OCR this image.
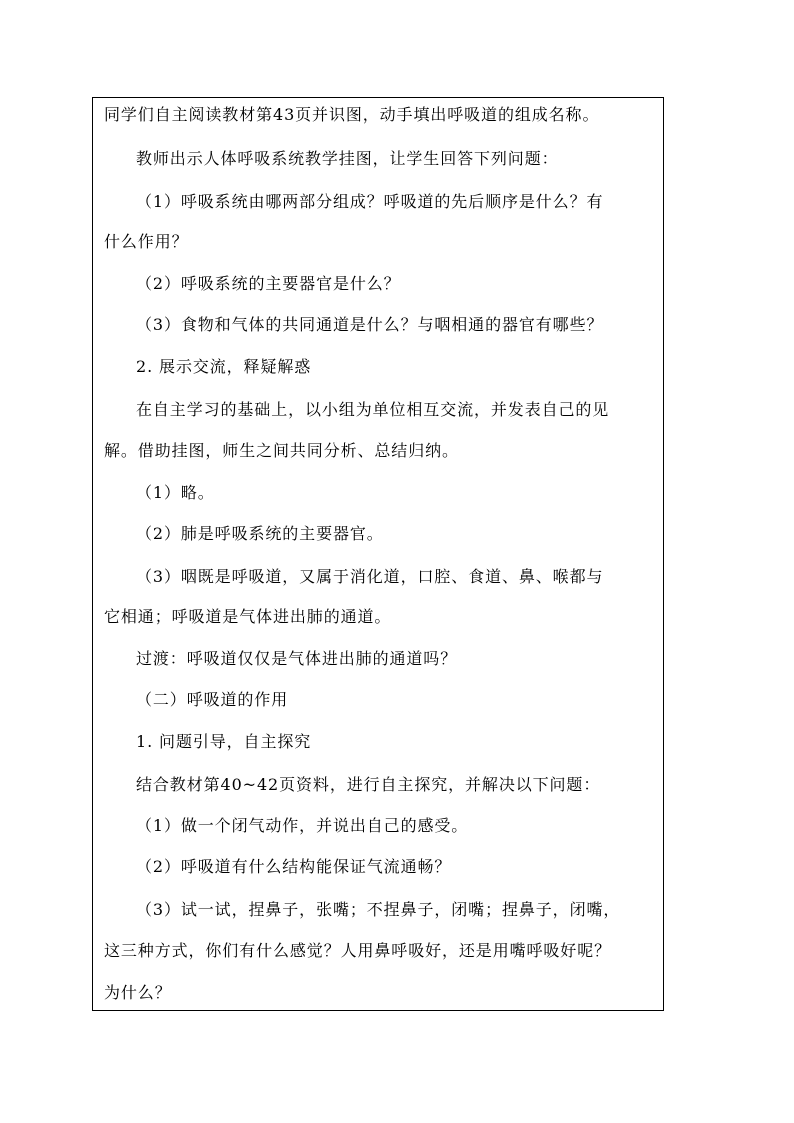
同学们自主阅读教材第43页并识图，动手填出呼吸道的组成名称。
教师出示人体呼吸系统教学挂图，让学生回答下列问题：
（1）呼吸系统由哪两部分组成？呼吸道的先后顺序是什么？有
什么作用？
（2）呼吸系统的主要器官是什么？
（3）食物和气体的共同通道是什么？与咽相通的器官有哪些？
2. 展示交流，释疑解惑
在自主学习的基础上，以小组为单位相互交流，并发表自己的见
解。借助挂图，师生之间共同分析、总结归纳。
（1）略。
（2）肺是呼吸系统的主要器官。
（3）咽既是呼吸道，又属于消化道，口腔、食道、鼻、喉都与
它相通；呼吸道是气体进出肺的通道。
过渡：呼吸道仅仅是气体进出肺的通道吗？
（二）呼吸道的作用
1. 问题引导，自主探究
结合教材第40~42页资料，进行自主探究，并解决以下问题：
（1）做一个闭气动作，并说出自己的感受。
（2）呼吸道有什么结构能保证气流通畅？
（3）试一试，捏鼻子，张嘴；不捏鼻子，闭嘴；捏鼻子，闭嘴，
这三种方式，你们有什么感觉？人用鼻呼吸好，还是用嘴呼吸好呢？
为什么？
